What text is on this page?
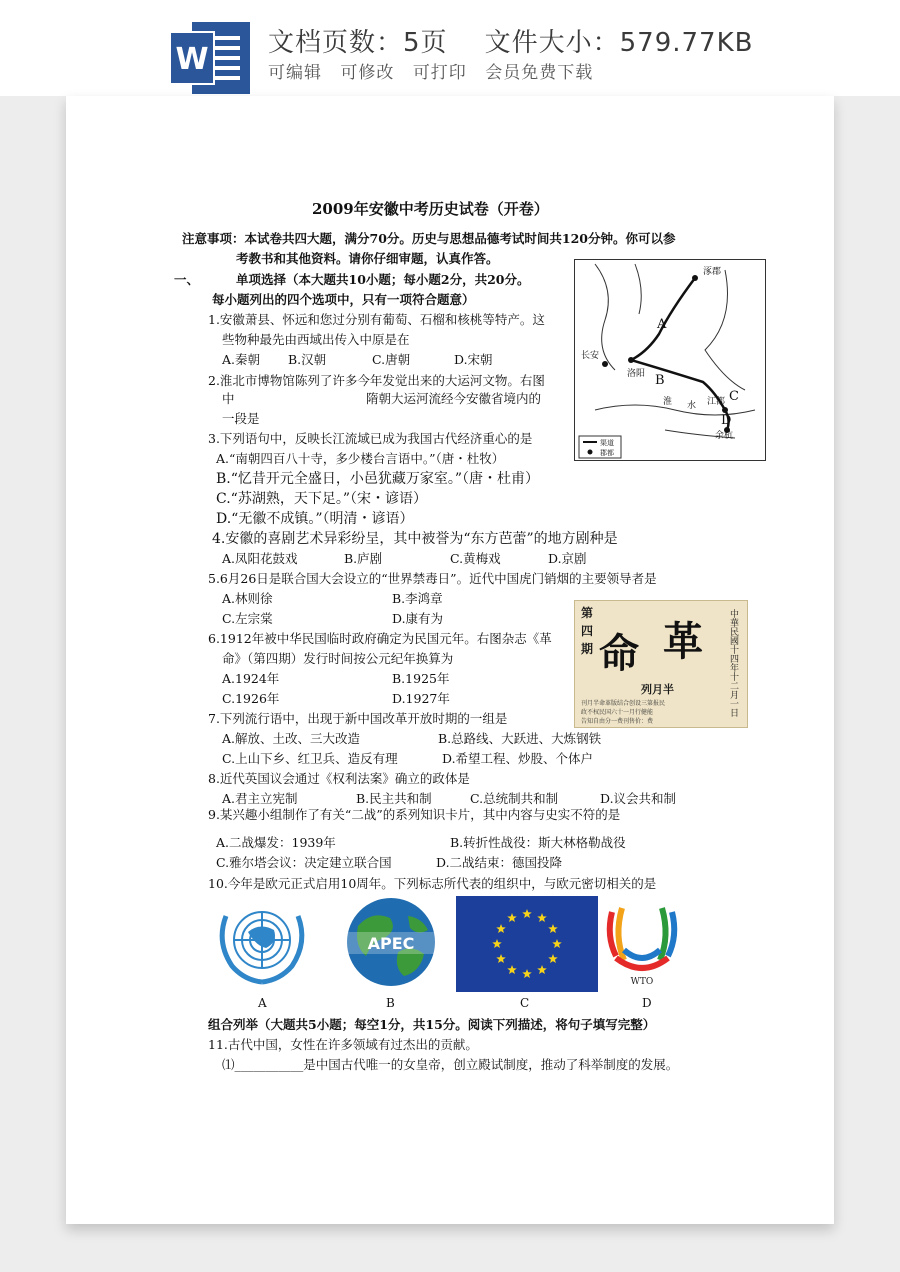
W 文档页数：5页 文件大小：579.77KB
可编辑 可修改 可打印 会员免费下载
2009年安徽中考历史试卷（开卷）
注意事项：本试卷共四大题，满分70分。历史与思想品德考试时间共120分钟。你可以参
考教书和其他资料。请你仔细审题，认真作答。
一、	单项选择（本大题共10小题；每小题2分，共20分。
每小题列出的四个选项中，只有一项符合题意）
1.安徽萧县、怀远和您过分别有葡萄、石榴和核桃等特产。这
些物种最先由西域出传入中原是在
A.秦朝 B.汉朝	C.唐朝	D.宋朝
2.淮北市博物馆陈列了许多今年发觉出来的大运河文物。右图
中	隋朝大运河流经今安徽省境内的
一段是
3.下列语句中，反映长江流域已成为我国古代经济重心的是
A.“南朝四百八十寺，多少楼台言语中。”（唐・杜牧）
B.“忆昔开元全盛日，小邑犹藏万家室。”（唐・杜甫）
C.“苏湖熟，天下足。”（宋・谚语）
D.“无徽不成镇。”（明清・谚语）
4.安徽的喜剧艺术异彩纷呈，其中被誉为“东方芭蕾”的地方剧种是
A.凤阳花鼓戏	B.庐剧	C.黄梅戏	D.京剧
5.6月26日是联合国大会设立的“世界禁毒日”。近代中国虎门销烟的主要领导者是
A.林则徐	B.李鸿章
C.左宗棠	D.康有为
6.1912年被中华民国临时政府确定为民国元年。右图杂志《革
命》（第四期）发行时间按公元纪年换算为
A.1924年	B.1925年
C.1926年	D.1927年
7.下列流行语中，出现于新中国改革开放时期的一组是
A.解放、土改、三大改造	B.总路线、大跃进、大炼钢铁
C.上山下乡、红卫兵、造反有理	D.希望工程、炒股、个体户
8.近代英国议会通过《权利法案》确立的政体是
A.君主立宪制	B.民主共和制	C.总统制共和制	D.议会共和制
9.某兴趣小组制作了有关“二战”的系列知识卡片，其中内容与史实不符的是
A.二战爆发：1939年	B.转折性战役：斯大林格勒战役
C.雅尔塔会议：决定建立联合国	D.二战结束：德国投降
10.今年是欧元正式启用10周年。下列标志所代表的组织中，与欧元密切相关的是
APEC
WTO
A	B	C	D
组合列举（大题共5小题；每空1分，共15分。阅读下列描述，将句子填写完整）
11.古代中国，女性在许多领域有过杰出的贡献。
⑴___________是中国古代唯一的女皇帝，创立殿试制度，推动了科举制度的发展。
涿郡
长安
洛阳
淮 水 江都
余杭
A
B
C
D
渠道
郡都
第
四
期 命 革
列月半	中華民國十四年十二月一日
刊月半命革版结合创设三第报民
政不权民国六十一月行健能
告知自由分一费刊售价：费
